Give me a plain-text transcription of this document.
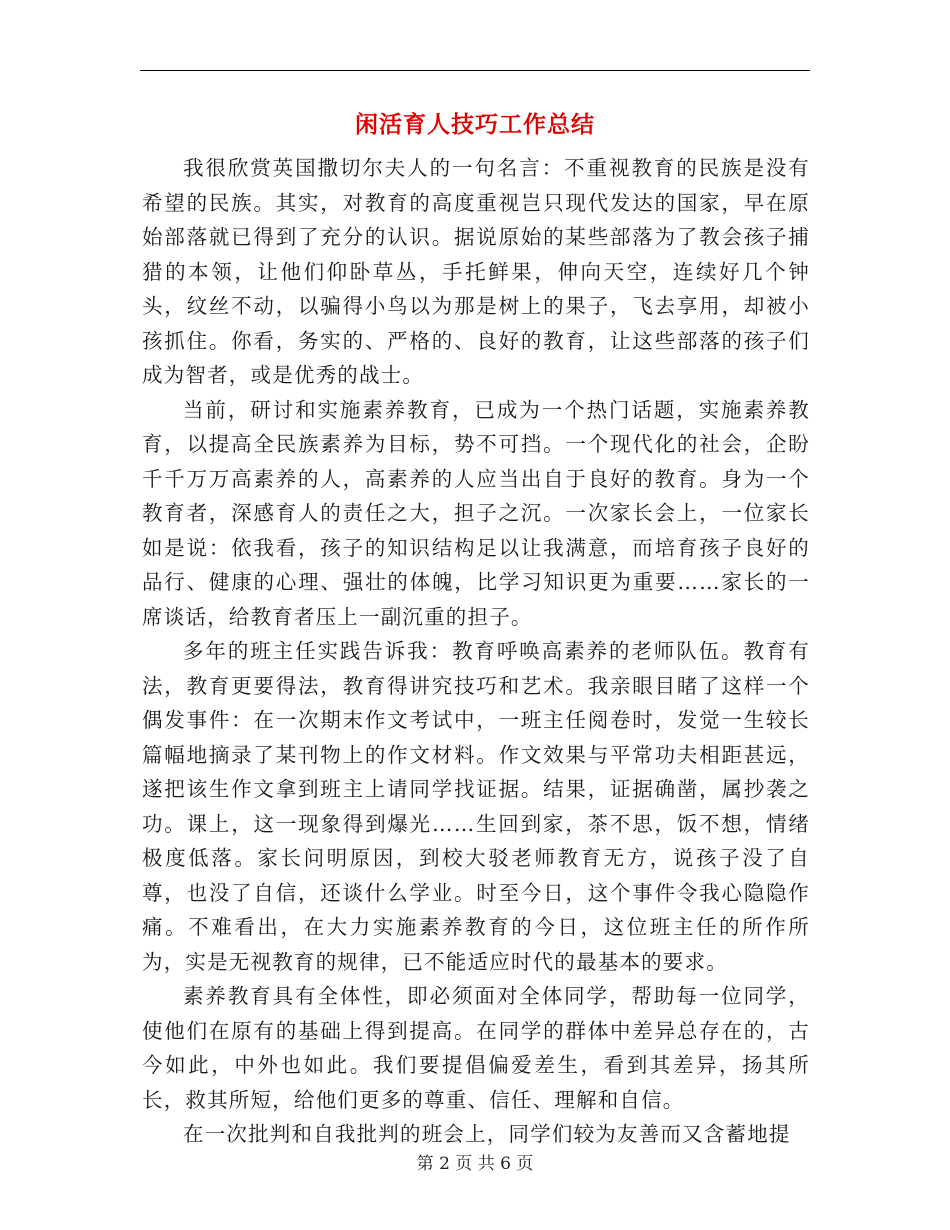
闲活育人技巧工作总结

我很欣赏英国撒切尔夫人的一句名言：不重视教育的民族是没有希望的民族。其实，对教育的高度重视岂只现代发达的国家，早在原始部落就已得到了充分的认识。据说原始的某些部落为了教会孩子捕猎的本领，让他们仰卧草丛，手托鲜果，伸向天空，连续好几个钟头，纹丝不动，以骗得小鸟以为那是树上的果子，飞去享用，却被小孩抓住。你看，务实的、严格的、良好的教育，让这些部落的孩子们成为智者，或是优秀的战士。

当前，研讨和实施素养教育，已成为一个热门话题，实施素养教育，以提高全民族素养为目标，势不可挡。一个现代化的社会，企盼千千万万高素养的人，高素养的人应当出自于良好的教育。身为一个教育者，深感育人的责任之大，担子之沉。一次家长会上，一位家长如是说：依我看，孩子的知识结构足以让我满意，而培育孩子良好的品行、健康的心理、强壮的体魄，比学习知识更为重要……家长的一席谈话，给教育者压上一副沉重的担子。

多年的班主任实践告诉我：教育呼唤高素养的老师队伍。教育有法，教育更要得法，教育得讲究技巧和艺术。我亲眼目睹了这样一个偶发事件：在一次期末作文考试中，一班主任阅卷时，发觉一生较长篇幅地摘录了某刊物上的作文材料。作文效果与平常功夫相距甚远，遂把该生作文拿到班主上请同学找证据。结果，证据确凿，属抄袭之功。课上，这一现象得到爆光……生回到家，茶不思，饭不想，情绪极度低落。家长问明原因，到校大驳老师教育无方，说孩子没了自尊，也没了自信，还谈什么学业。时至今日，这个事件令我心隐隐作痛。不难看出，在大力实施素养教育的今日，这位班主任的所作所为，实是无视教育的规律，已不能适应时代的最基本的要求。

素养教育具有全体性，即必须面对全体同学，帮助每一位同学，使他们在原有的基础上得到提高。在同学的群体中差异总存在的，古今如此，中外也如此。我们要提倡偏爱差生，看到其差异，扬其所长，救其所短，给他们更多的尊重、信任、理解和自信。

在一次批判和自我批判的班会上，同学们较为友善而又含蓄地提

第 2 页 共 6 页
